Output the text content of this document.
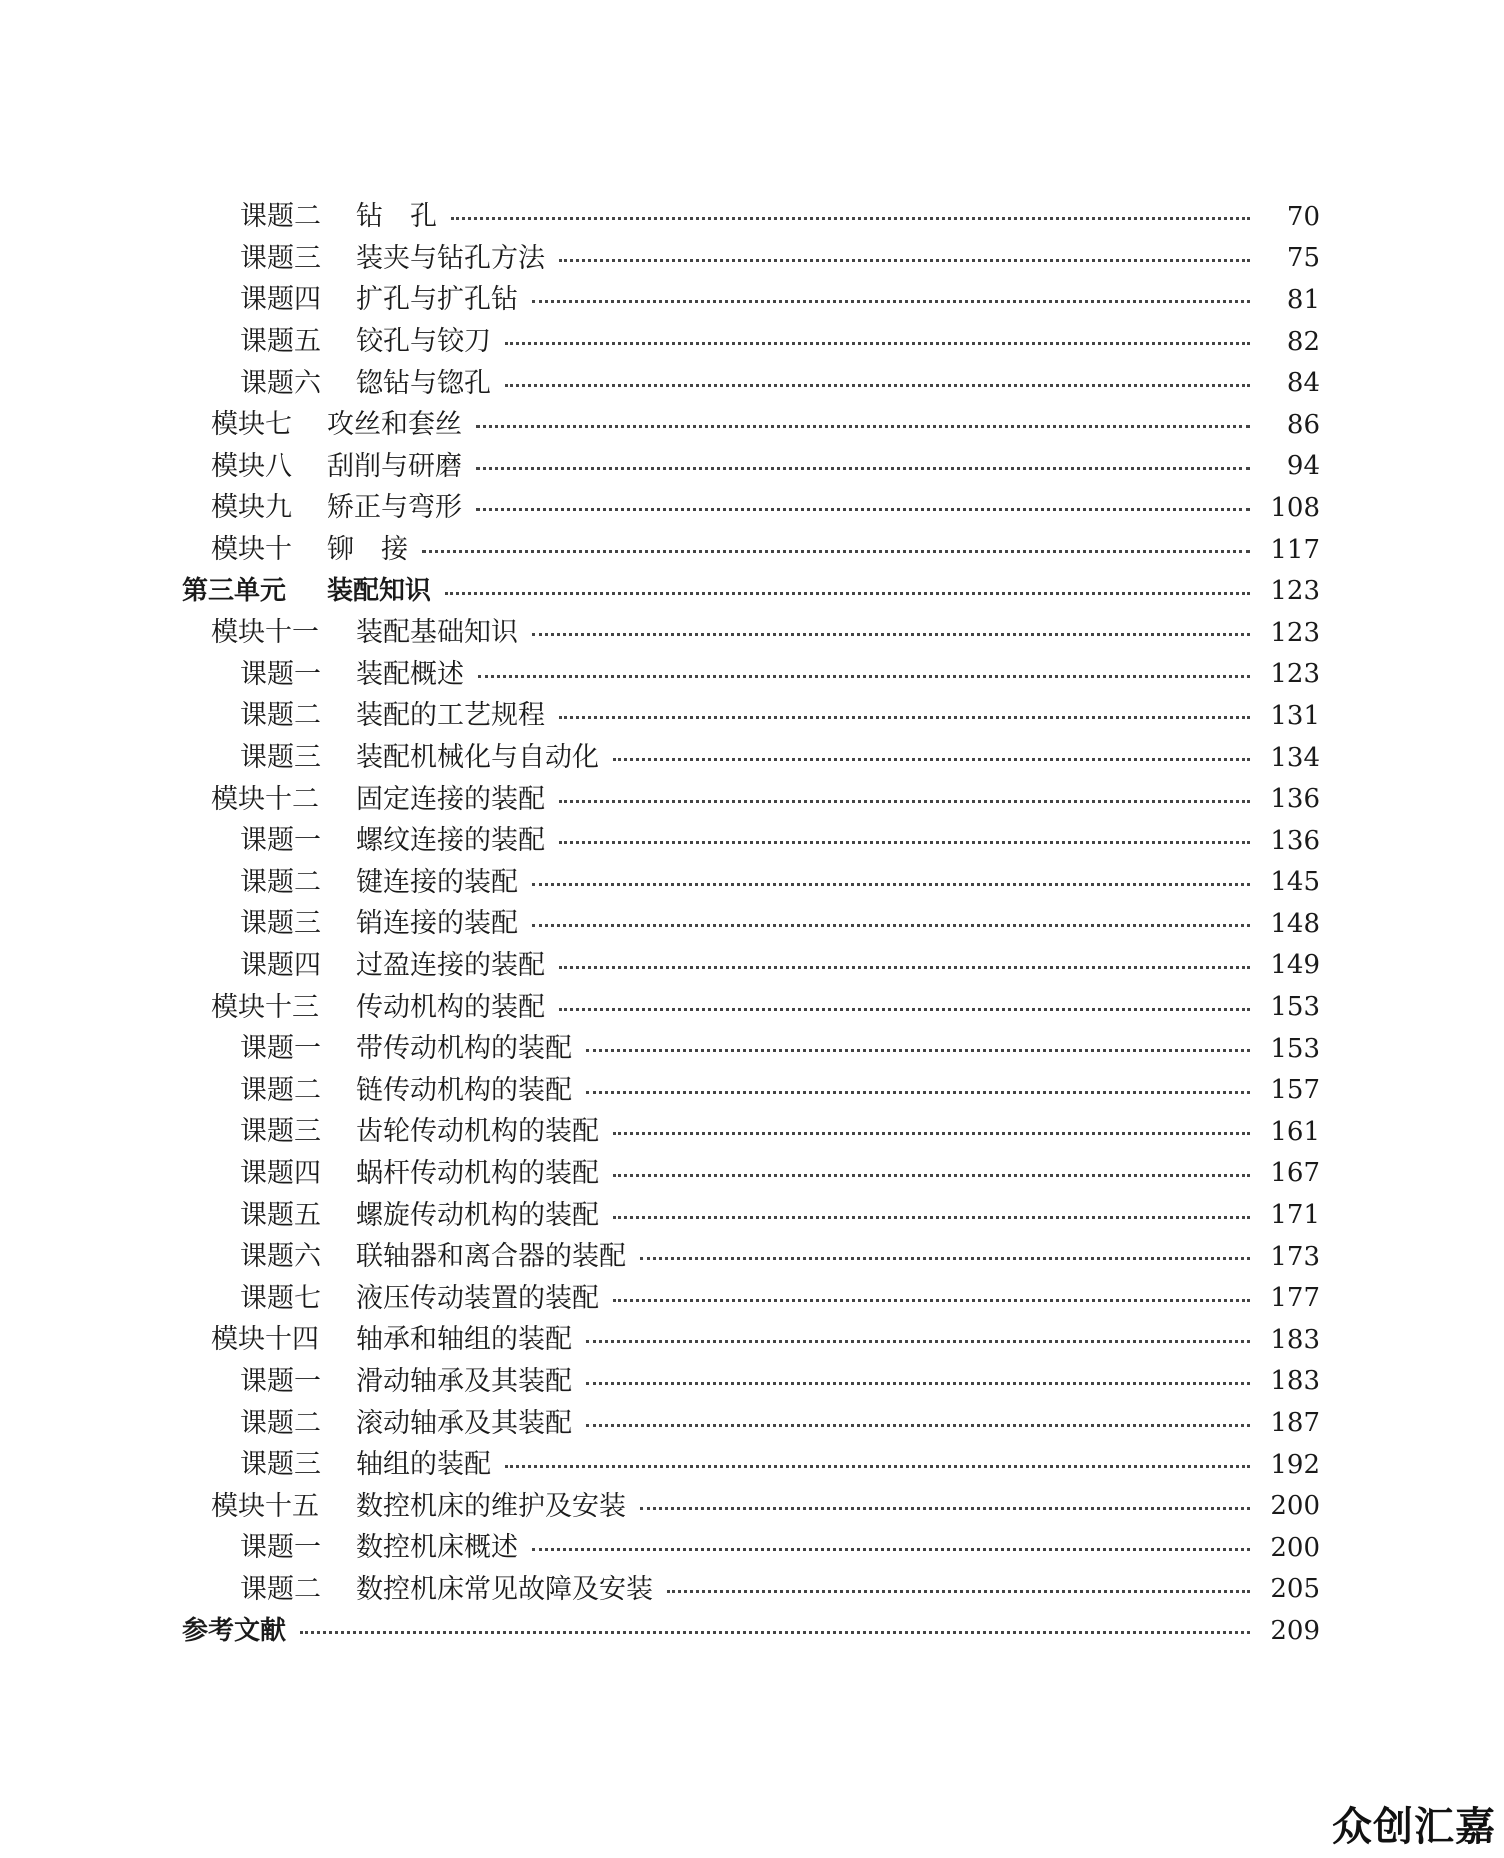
课题二	钻　孔	70
课题三	装夹与钻孔方法	75
课题四	扩孔与扩孔钻	81
课题五	铰孔与铰刀	82
课题六	锪钻与锪孔	84
模块七	攻丝和套丝	86
模块八	刮削与研磨	94
模块九	矫正与弯形	108
模块十	铆　接	117
第三单元	装配知识	123
模块十一	装配基础知识	123
课题一	装配概述	123
课题二	装配的工艺规程	131
课题三	装配机械化与自动化	134
模块十二	固定连接的装配	136
课题一	螺纹连接的装配	136
课题二	键连接的装配	145
课题三	销连接的装配	148
课题四	过盈连接的装配	149
模块十三	传动机构的装配	153
课题一	带传动机构的装配	153
课题二	链传动机构的装配	157
课题三	齿轮传动机构的装配	161
课题四	蜗杆传动机构的装配	167
课题五	螺旋传动机构的装配	171
课题六	联轴器和离合器的装配	173
课题七	液压传动装置的装配	177
模块十四	轴承和轴组的装配	183
课题一	滑动轴承及其装配	183
课题二	滚动轴承及其装配	187
课题三	轴组的装配	192
模块十五	数控机床的维护及安装	200
课题一	数控机床概述	200
课题二	数控机床常见故障及安装	205
参考文献	209
众创汇嘉
